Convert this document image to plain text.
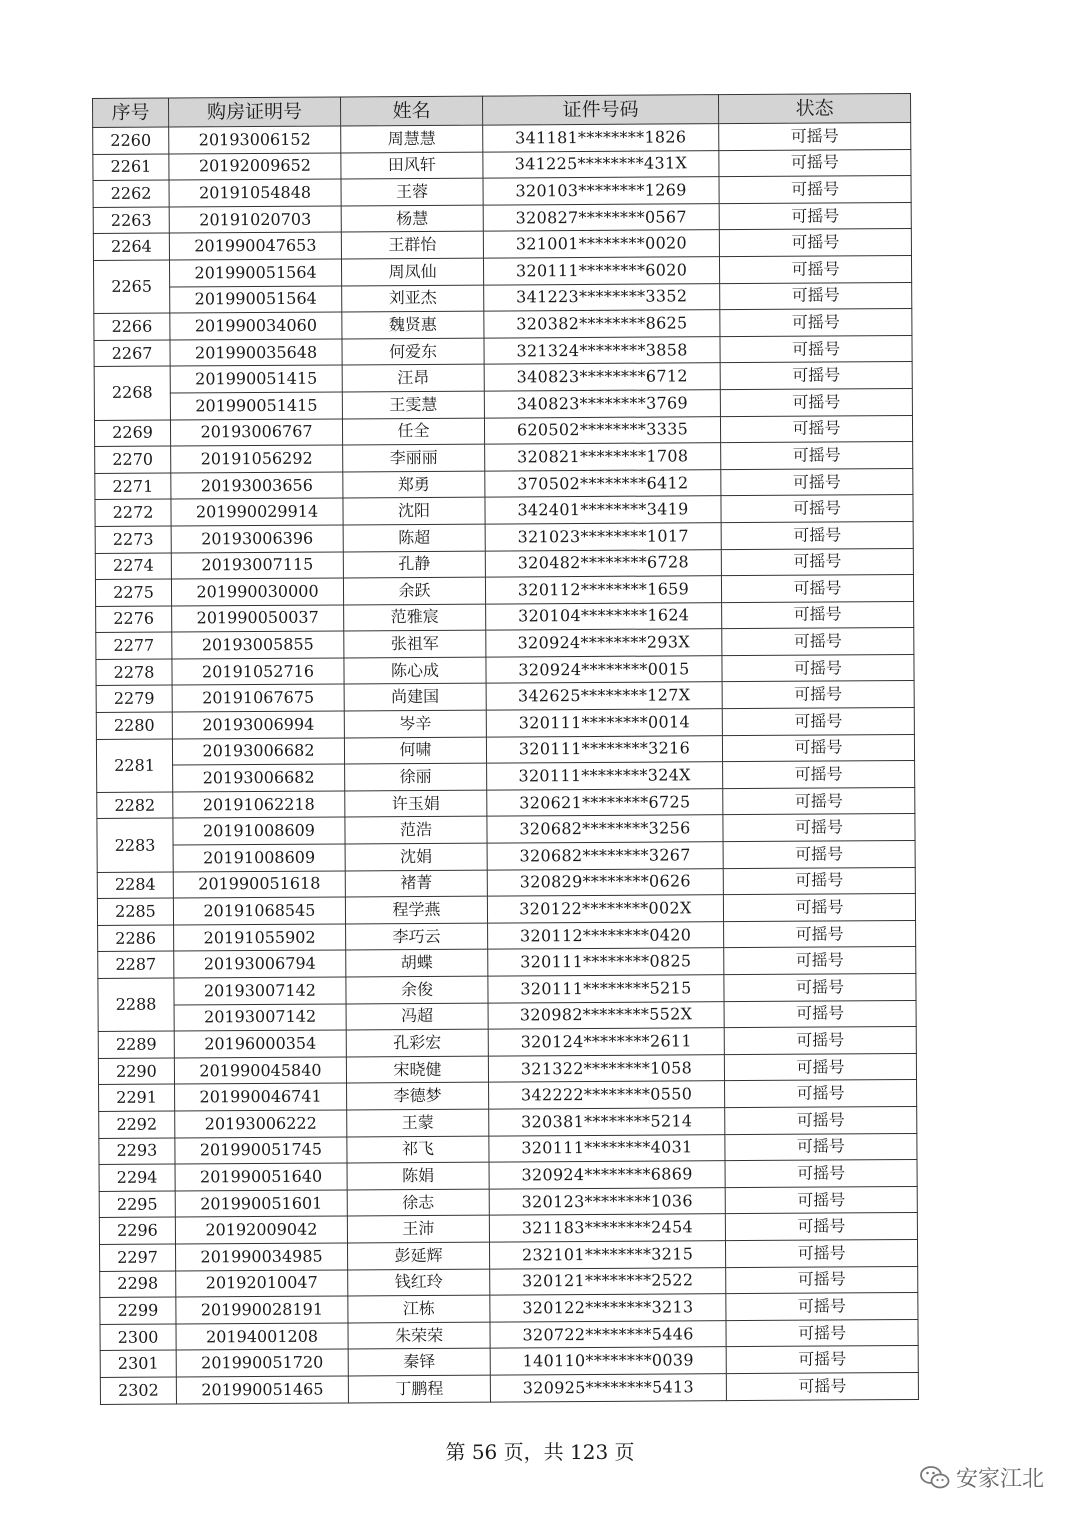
序号	购房证明号	姓名	证件号码	状态
2260	20193006152	周慧慧	341181********1826	可摇号
2261	20192009652	田风轩	341225********431X	可摇号
2262	20191054848	王蓉	320103********1269	可摇号
2263	20191020703	杨慧	320827********0567	可摇号
2264	201990047653	王群怡	321001********0020	可摇号
2265	201990051564	周凤仙	320111********6020	可摇号
	201990051564	刘亚杰	341223********3352	可摇号
2266	201990034060	魏贤惠	320382********8625	可摇号
2267	201990035648	何爱东	321324********3858	可摇号
2268	201990051415	汪昂	340823********6712	可摇号
	201990051415	王雯慧	340823********3769	可摇号
2269	20193006767	任全	620502********3335	可摇号
2270	20191056292	李丽丽	320821********1708	可摇号
2271	20193003656	郑勇	370502********6412	可摇号
2272	201990029914	沈阳	342401********3419	可摇号
2273	20193006396	陈超	321023********1017	可摇号
2274	20193007115	孔静	320482********6728	可摇号
2275	201990030000	余跃	320112********1659	可摇号
2276	201990050037	范雅宸	320104********1624	可摇号
2277	20193005855	张祖军	320924********293X	可摇号
2278	20191052716	陈心成	320924********0015	可摇号
2279	20191067675	尚建国	342625********127X	可摇号
2280	20193006994	岑辛	320111********0014	可摇号
2281	20193006682	何啸	320111********3216	可摇号
	20193006682	徐丽	320111********324X	可摇号
2282	20191062218	许玉娟	320621********6725	可摇号
2283	20191008609	范浩	320682********3256	可摇号
	20191008609	沈娟	320682********3267	可摇号
2284	201990051618	褚菁	320829********0626	可摇号
2285	20191068545	程学燕	320122********002X	可摇号
2286	20191055902	李巧云	320112********0420	可摇号
2287	20193006794	胡蝶	320111********0825	可摇号
2288	20193007142	余俊	320111********5215	可摇号
	20193007142	冯超	320982********552X	可摇号
2289	20196000354	孔彩宏	320124********2611	可摇号
2290	201990045840	宋晓健	321322********1058	可摇号
2291	201990046741	李德梦	342222********0550	可摇号
2292	20193006222	王蒙	320381********5214	可摇号
2293	201990051745	祁飞	320111********4031	可摇号
2294	201990051640	陈娟	320924********6869	可摇号
2295	201990051601	徐志	320123********1036	可摇号
2296	20192009042	王沛	321183********2454	可摇号
2297	201990034985	彭延辉	232101********3215	可摇号
2298	20192010047	钱红玲	320121********2522	可摇号
2299	201990028191	江栋	320122********3213	可摇号
2300	20194001208	朱荣荣	320722********5446	可摇号
2301	201990051720	秦铎	140110********0039	可摇号
2302	201990051465	丁鹏程	320925********5413	可摇号
第 56 页，共 123 页
安家江北
